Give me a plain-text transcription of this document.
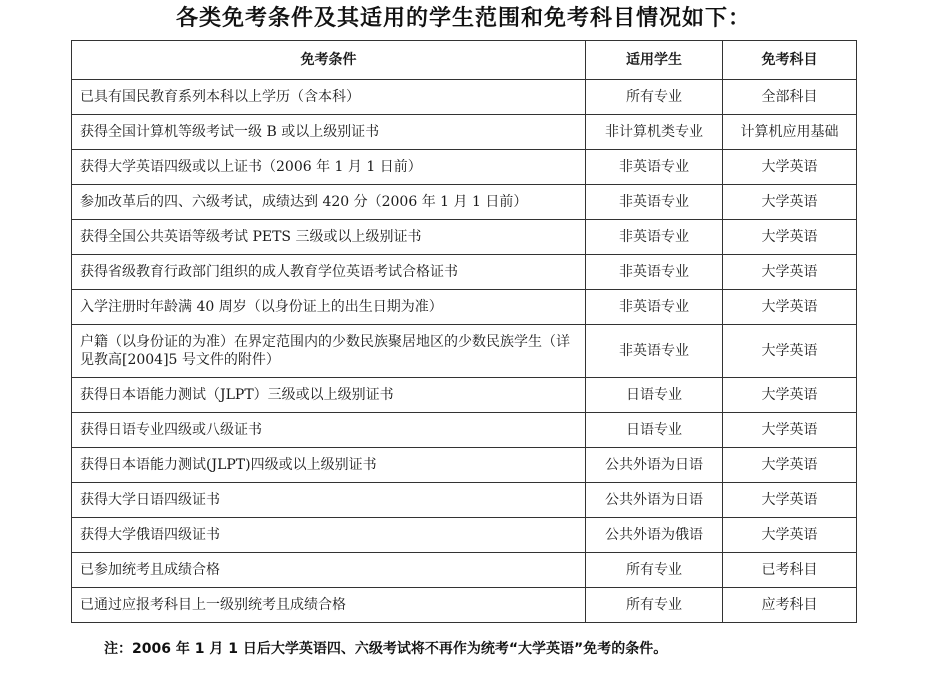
各类免考条件及其适用的学生范围和免考科目情况如下：
免考条件	适用学生	免考科目
已具有国民教育系列本科以上学历（含本科）	所有专业	全部科目
获得全国计算机等级考试一级 B 或以上级别证书	非计算机类专业	计算机应用基础
获得大学英语四级或以上证书（2006 年 1 月 1 日前）	非英语专业	大学英语
参加改革后的四、六级考试，成绩达到 420 分（2006 年 1 月 1 日前）	非英语专业	大学英语
获得全国公共英语等级考试 PETS 三级或以上级别证书	非英语专业	大学英语
获得省级教育行政部门组织的成人教育学位英语考试合格证书	非英语专业	大学英语
入学注册时年龄满 40 周岁（以身份证上的出生日期为准）	非英语专业	大学英语
户籍（以身份证的为准）在界定范围内的少数民族聚居地区的少数民族学生（详见教高[2004]5 号文件的附件）	非英语专业	大学英语
获得日本语能力测试（JLPT）三级或以上级别证书	日语专业	大学英语
获得日语专业四级或八级证书	日语专业	大学英语
获得日本语能力测试(JLPT)四级或以上级别证书	公共外语为日语	大学英语
获得大学日语四级证书	公共外语为日语	大学英语
获得大学俄语四级证书	公共外语为俄语	大学英语
已参加统考且成绩合格	所有专业	已考科目
已通过应报考科目上一级别统考且成绩合格	所有专业	应考科目
注：2006 年 1 月 1 日后大学英语四、六级考试将不再作为统考“大学英语”免考的条件。
